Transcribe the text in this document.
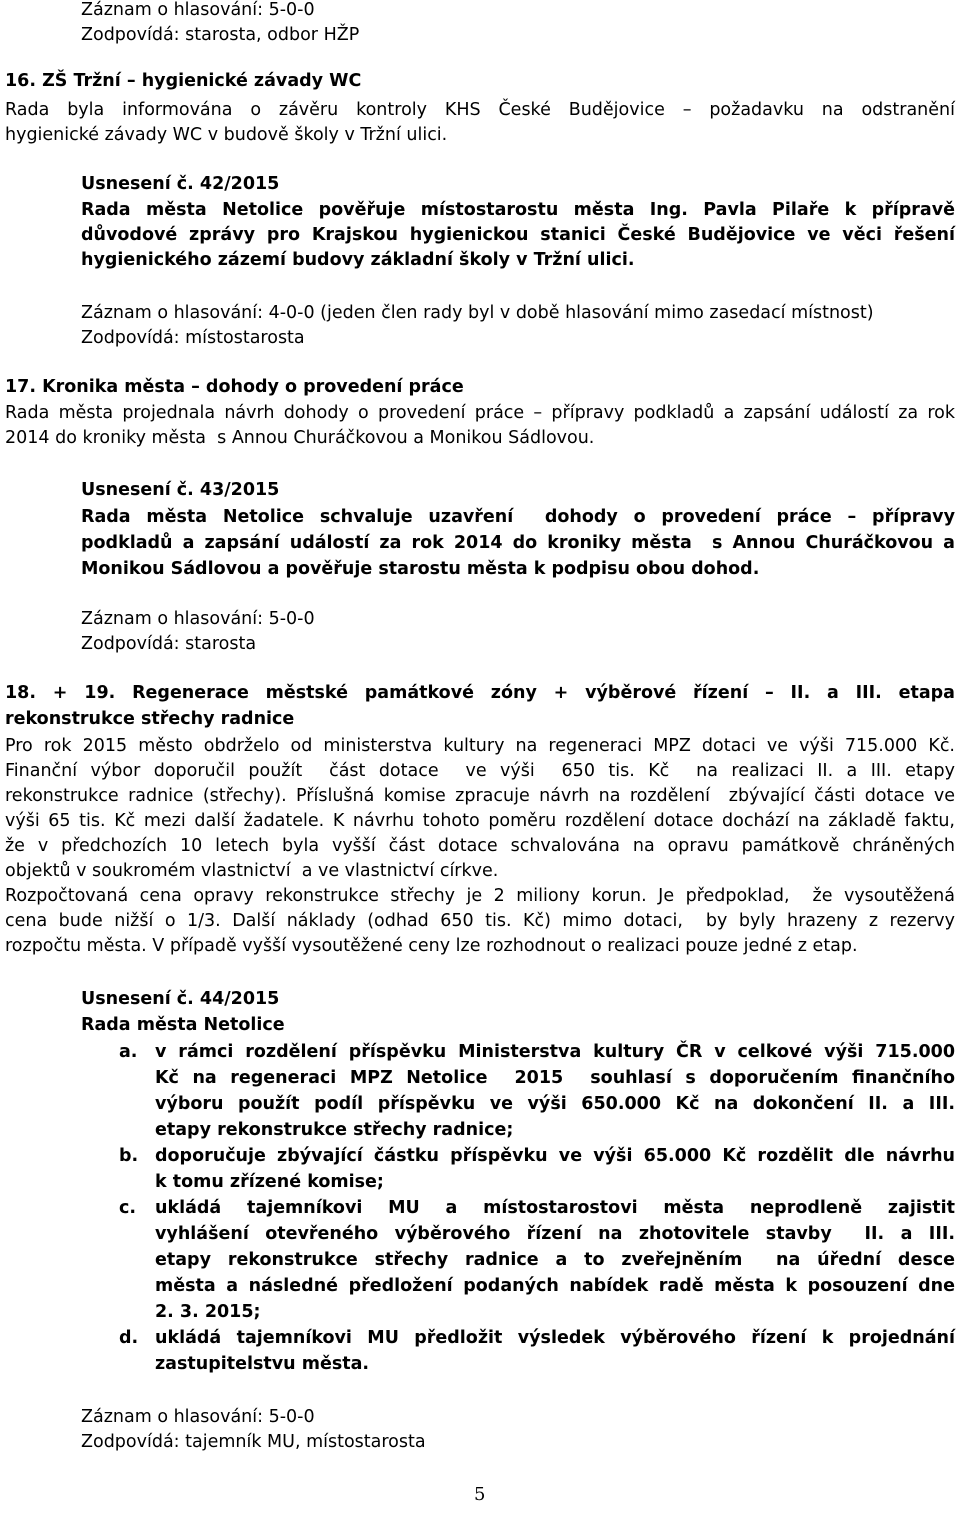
Záznam o hlasování: 5-0-0
Zodpovídá: starosta, odbor HŽP
16. ZŠ Tržní – hygienické závady WC
Rada byla informována o závěru kontroly KHS České Budějovice – požadavku na odstranění
hygienické závady WC v budově školy v Tržní ulici.
Usnesení č. 42/2015
Rada města Netolice pověřuje místostarostu města Ing. Pavla Pilaře k přípravě
důvodové zprávy pro Krajskou hygienickou stanici České Budějovice ve věci řešení
hygienického zázemí budovy základní školy v Tržní ulici.
Záznam o hlasování: 4-0-0 (jeden člen rady byl v době hlasování mimo zasedací místnost)
Zodpovídá: místostarosta
17. Kronika města – dohody o provedení práce
Rada města projednala návrh dohody o provedení práce – přípravy podkladů a zapsání událostí za rok
2014 do kroniky města  s Annou Churáčkovou a Monikou Sádlovou.
Usnesení č. 43/2015
Rada města Netolice schvaluje uzavření  dohody o provedení práce – přípravy
podkladů a zapsání událostí za rok 2014 do kroniky města  s Annou Churáčkovou a
Monikou Sádlovou a pověřuje starostu města k podpisu obou dohod.
Záznam o hlasování: 5-0-0
Zodpovídá: starosta
18. + 19. Regenerace městské památkové zóny + výběrové řízení – II. a III. etapa
rekonstrukce střechy radnice
Pro rok 2015 město obdrželo od ministerstva kultury na regeneraci MPZ dotaci ve výši 715.000 Kč.
Finanční výbor doporučil použít  část dotace  ve výši  650 tis. Kč  na realizaci II. a III. etapy
rekonstrukce radnice (střechy). Příslušná komise zpracuje návrh na rozdělení  zbývající části dotace ve
výši 65 tis. Kč mezi další žadatele. K návrhu tohoto poměru rozdělení dotace dochází na základě faktu,
že v předchozích 10 letech byla vyšší část dotace schvalována na opravu památkově chráněných
objektů v soukromém vlastnictví  a ve vlastnictví církve.
Rozpočtovaná cena opravy rekonstrukce střechy je 2 miliony korun. Je předpoklad,  že vysoutěžená
cena bude nižší o 1/3. Další náklady (odhad 650 tis. Kč) mimo dotaci,  by byly hrazeny z rezervy
rozpočtu města. V případě vyšší vysoutěžené ceny lze rozhodnout o realizaci pouze jedné z etap.
Usnesení č. 44/2015
Rada města Netolice
a. v rámci rozdělení příspěvku Ministerstva kultury ČR v celkové výši 715.000
Kč na regeneraci MPZ Netolice  2015  souhlasí s doporučením finančního
výboru použít podíl příspěvku ve výši 650.000 Kč na dokončení II. a III.
etapy rekonstrukce střechy radnice;
b. doporučuje zbývající částku příspěvku ve výši 65.000 Kč rozdělit dle návrhu
k tomu zřízené komise;
c. ukládá tajemníkovi MU a místostarostovi města neprodleně zajistit
vyhlášení otevřeného výběrového řízení na zhotovitele stavby  II. a III.
etapy rekonstrukce střechy radnice a to zveřejněním  na úřední desce
města a následné předložení podaných nabídek radě města k posouzení dne
2. 3. 2015;
d. ukládá tajemníkovi MU předložit výsledek výběrového řízení k projednání
zastupitelstvu města.
Záznam o hlasování: 5-0-0
Zodpovídá: tajemník MU, místostarosta
5
